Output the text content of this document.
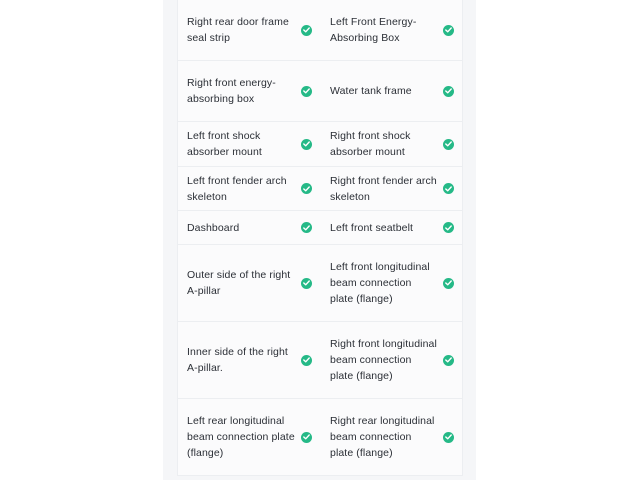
Right rear door frame seal strip
Left Front Energy-Absorbing Box
Right front energy-absorbing box
Water tank frame
Left front shock absorber mount
Right front shock absorber mount
Left front fender arch skeleton
Right front fender arch skeleton
Dashboard	Left front seatbelt
Outer side of the right A-pillar
Left front longitudinal beam connection plate (flange)
Inner side of the right A-pillar.
Right front longitudinal beam connection plate (flange)
Left rear longitudinal beam connection plate (flange)
Right rear longitudinal beam connection plate (flange)
